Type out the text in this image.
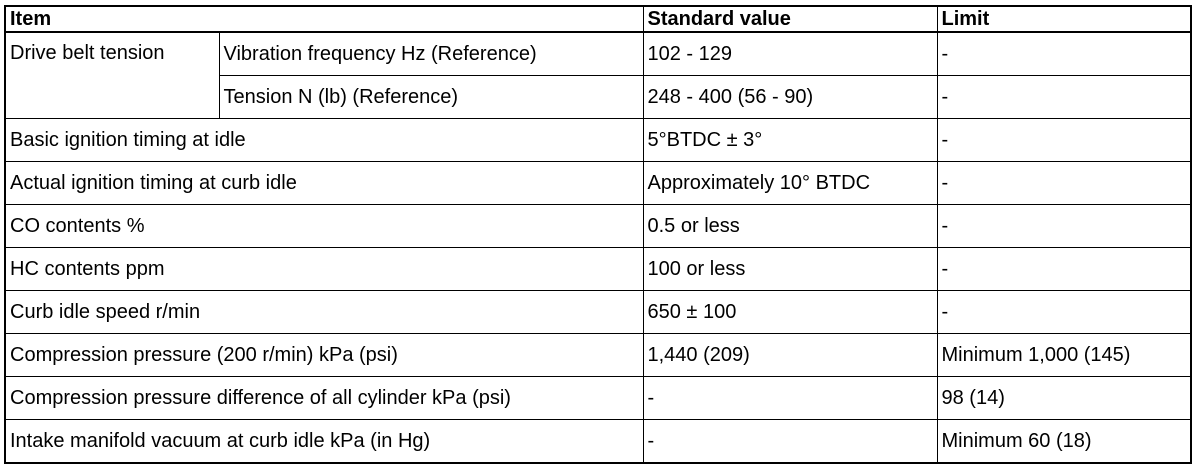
Item		Standard value	Limit
Drive belt tension	Vibration frequency Hz (Reference)	102 - 129	-
	Tension N (lb) (Reference)	248 - 400 (56 - 90)	-
Basic ignition timing at idle		5°BTDC ± 3°	-
Actual ignition timing at curb idle		Approximately 10° BTDC	-
CO contents %		0.5 or less	-
HC contents ppm		100 or less	-
Curb idle speed r/min		650 ± 100	-
Compression pressure (200 r/min) kPa (psi)		1,440 (209)	Minimum 1,000 (145)
Compression pressure difference of all cylinder kPa (psi)		-	98 (14)
Intake manifold vacuum at curb idle kPa (in Hg)		-	Minimum 60 (18)
